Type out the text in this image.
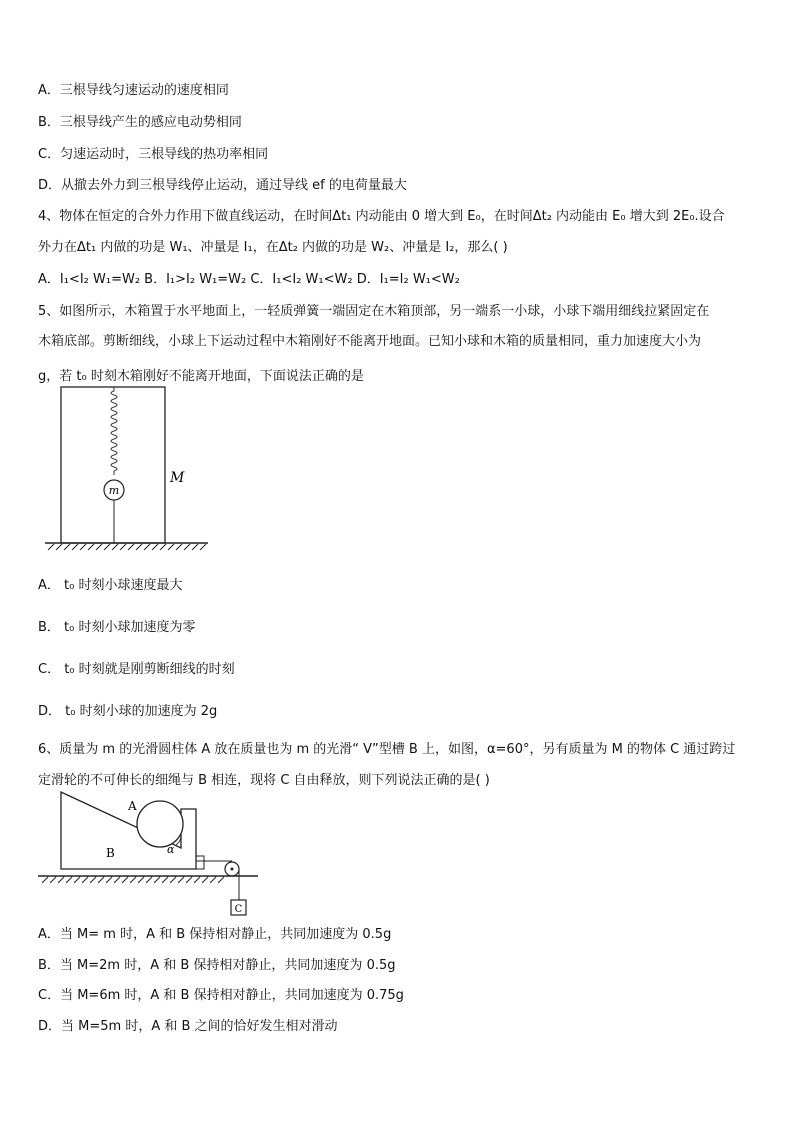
A．三根导线匀速运动的速度相同
B．三根导线产生的感应电动势相同
C．匀速运动时，三根导线的热功率相同
D．从撤去外力到三根导线停止运动，通过导线 ef 的电荷量最大
4、物体在恒定的合外力作用下做直线运动，在时间Δt₁ 内动能由 0 增大到 E₀，在时间Δt₂ 内动能由 E₀ 增大到 2E₀.设合
外力在Δt₁ 内做的功是 W₁、冲量是 I₁，在Δt₂ 内做的功是 W₂、冲量是 I₂，那么( )
A．I₁<I₂ W₁=W₂ B．I₁>I₂ W₁=W₂ C．I₁<I₂ W₁<W₂ D．I₁=I₂ W₁<W₂
5、如图所示，木箱置于水平地面上，一轻质弹簧一端固定在木箱顶部，另一端系一小球，小球下端用细线拉紧固定在
木箱底部。剪断细线，小球上下运动过程中木箱刚好不能离开地面。已知小球和木箱的质量相同，重力加速度大小为
g，若 t₀ 时刻木箱刚好不能离开地面，下面说法正确的是
m
M
A． t₀ 时刻小球速度最大
B． t₀ 时刻小球加速度为零
C． t₀ 时刻就是刚剪断细线的时刻
D． t₀ 时刻小球的加速度为 2g
6、质量为 m 的光滑圆柱体 A 放在质量也为 m 的光滑“ V”型槽 B 上，如图，α=60°，另有质量为 M 的物体 C 通过跨过
定滑轮的不可伸长的细绳与 B 相连，现将 C 自由释放，则下列说法正确的是( )
A
B	α
C
A．当 M= m 时，A 和 B 保持相对静止，共同加速度为 0.5g
B．当 M=2m 时，A 和 B 保持相对静止，共同加速度为 0.5g
C．当 M=6m 时，A 和 B 保持相对静止，共同加速度为 0.75g
D．当 M=5m 时，A 和 B 之间的恰好发生相对滑动
